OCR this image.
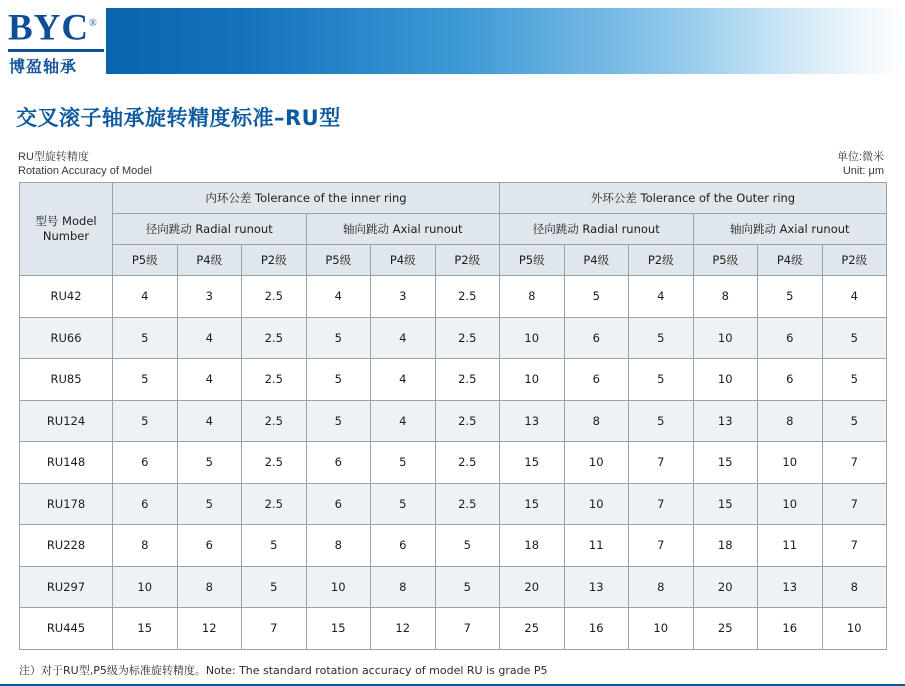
BYC®
博盈轴承
交叉滚子轴承旋转精度标准–RU型
RU型旋转精度
Rotation Accuracy of Model
单位:微米
Unit: μm
型号 Model
Number	内环公差 Tolerance of the inner ring						外环公差 Tolerance of the Outer ring					
	径向跳动 Radial runout			轴向跳动 Axial runout			径向跳动 Radial runout			轴向跳动 Axial runout		
	P5级	P4级	P2级	P5级	P4级	P2级	P5级	P4级	P2级	P5级	P4级	P2级
RU42	4	3	2.5	4	3	2.5	8	5	4	8	5	4
RU66	5	4	2.5	5	4	2.5	10	6	5	10	6	5
RU85	5	4	2.5	5	4	2.5	10	6	5	10	6	5
RU124	5	4	2.5	5	4	2.5	13	8	5	13	8	5
RU148	6	5	2.5	6	5	2.5	15	10	7	15	10	7
RU178	6	5	2.5	6	5	2.5	15	10	7	15	10	7
RU228	8	6	5	8	6	5	18	11	7	18	11	7
RU297	10	8	5	10	8	5	20	13	8	20	13	8
RU445	15	12	7	15	12	7	25	16	10	25	16	10
注）对于RU型,P5级为标准旋转精度。Note: The standard rotation accuracy of model RU is grade P5
